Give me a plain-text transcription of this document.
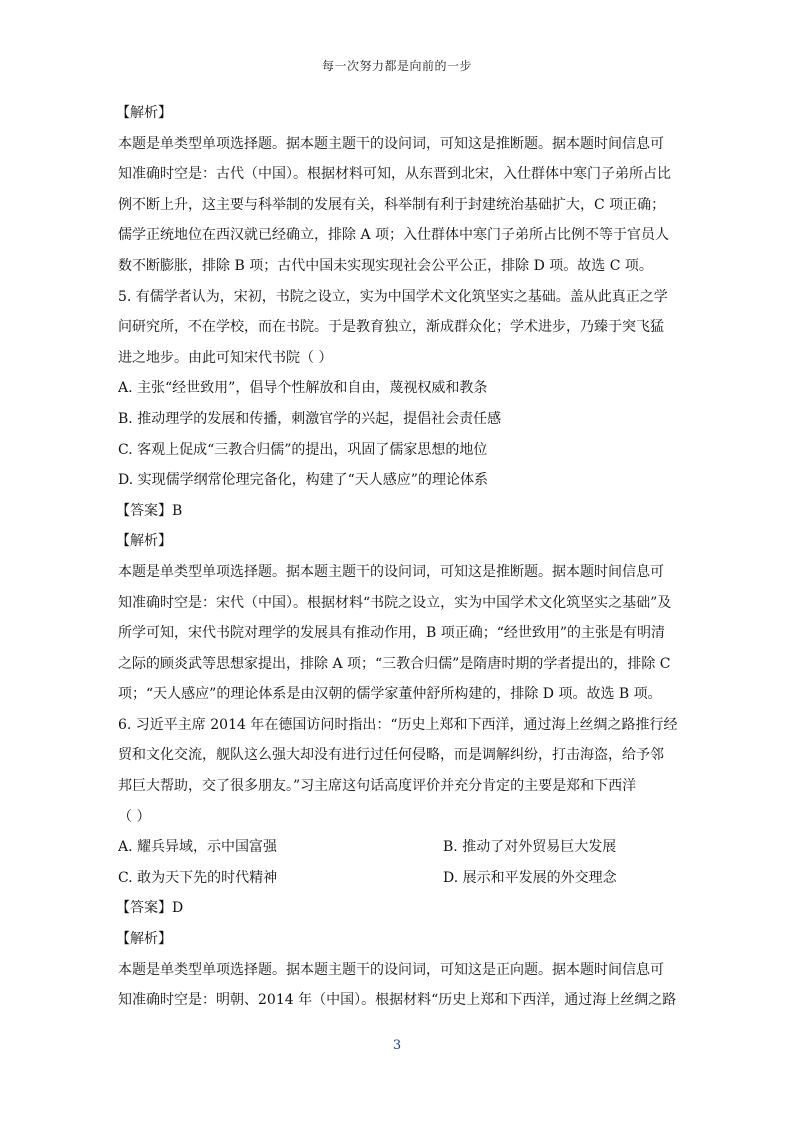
每一次努力都是向前的一步
【解析】
本题是单类型单项选择题。据本题主题干的设问词，可知这是推断题。据本题时间信息可
知准确时空是：古代（中国）。根据材料可知，从东晋到北宋，入仕群体中寒门子弟所占比
例不断上升，这主要与科举制的发展有关，科举制有利于封建统治基础扩大，C 项正确；
儒学正统地位在西汉就已经确立，排除 A 项；入仕群体中寒门子弟所占比例不等于官员人
数不断膨胀，排除 B 项；古代中国未实现实现社会公平公正，排除 D 项。故选 C 项。
5. 有儒学者认为，宋初，书院之设立，实为中国学术文化筑坚实之基础。盖从此真正之学
问研究所，不在学校，而在书院。于是教育独立，渐成群众化；学术进步，乃臻于突飞猛
进之地步。由此可知宋代书院（ ）
A. 主张“经世致用”，倡导个性解放和自由，蔑视权威和教条
B. 推动理学的发展和传播，刺激官学的兴起，提倡社会责任感
C. 客观上促成“三教合归儒”的提出，巩固了儒家思想的地位
D. 实现儒学纲常伦理完备化，构建了“天人感应”的理论体系
【答案】B
【解析】
本题是单类型单项选择题。据本题主题干的设问词，可知这是推断题。据本题时间信息可
知准确时空是：宋代（中国）。根据材料“书院之设立，实为中国学术文化筑坚实之基础”及
所学可知，宋代书院对理学的发展具有推动作用，B 项正确；“经世致用”的主张是有明清
之际的顾炎武等思想家提出，排除 A 项；“三教合归儒”是隋唐时期的学者提出的，排除 C
项；“天人感应”的理论体系是由汉朝的儒学家董仲舒所构建的，排除 D 项。故选 B 项。
6. 习近平主席 2014 年在德国访问时指出：“历史上郑和下西洋，通过海上丝绸之路推行经
贸和文化交流，舰队这么强大却没有进行过任何侵略，而是调解纠纷，打击海盗，给予邻
邦巨大帮助，交了很多朋友。”习主席这句话高度评价并充分肯定的主要是郑和下西洋
（ ）
A. 耀兵异域，示中国富强	B. 推动了对外贸易巨大发展
C. 敢为天下先的时代精神	D. 展示和平发展的外交理念
【答案】D
【解析】
本题是单类型单项选择题。据本题主题干的设问词，可知这是正向题。据本题时间信息可
知准确时空是：明朝、2014 年（中国）。根据材料“历史上郑和下西洋，通过海上丝绸之路
3
